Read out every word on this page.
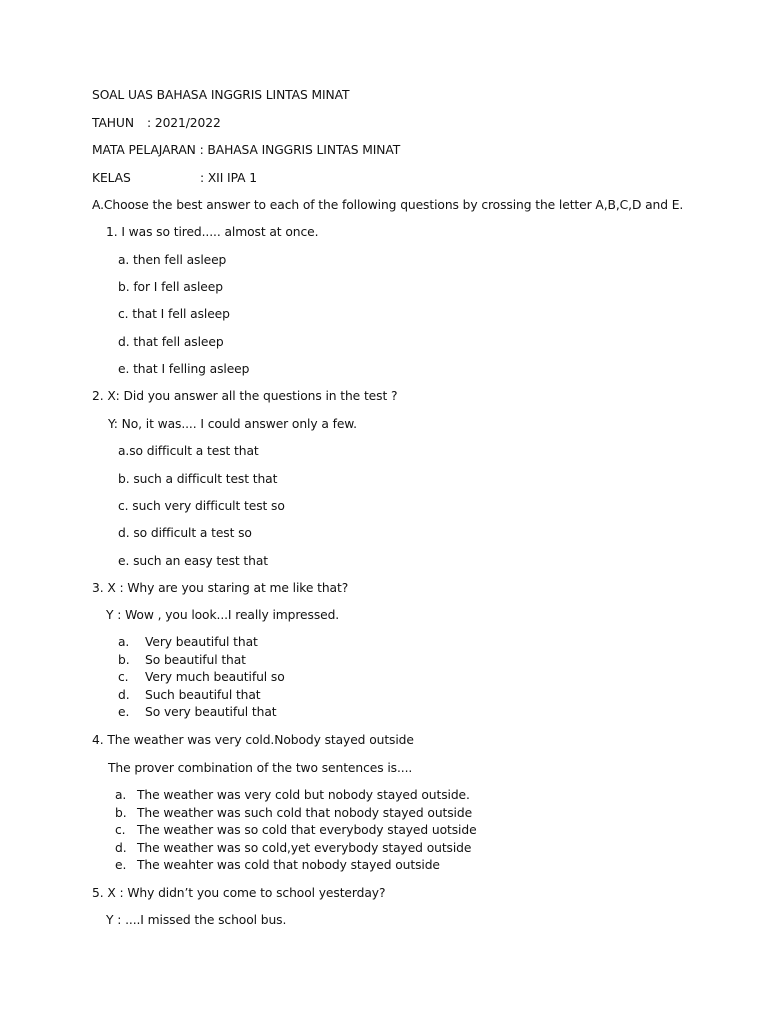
SOAL UAS BAHASA INGGRIS LINTAS MINAT
TAHUN : 2021/2022
MATA PELAJARAN : BAHASA INGGRIS LINTAS MINAT
KELAS	: XII IPA 1
A.Choose the best answer to each of the following questions by crossing the letter A,B,C,D and E.
1. I was so tired..... almost at once.
a. then fell asleep
b. for I fell asleep
c. that I fell asleep
d. that fell asleep
e. that I felling asleep
2. X: Did you answer all the questions in the test ?
Y: No, it was.... I could answer only a few.
a.so difficult a test that
b. such a difficult test that
c. such very difficult test so
d. so difficult a test so
e. such an easy test that
3. X : Why are you staring at me like that?
Y : Wow , you look...I really impressed.
a. Very beautiful that
b. So beautiful that
c. Very much beautiful so
d. Such beautiful that
e. So very beautiful that
4. The weather was very cold.Nobody stayed outside
The prover combination of the two sentences is....
a. The weather was very cold but nobody stayed outside.
b. The weather was such cold that nobody stayed outside
c. The weather was so cold that everybody stayed uotside
d. The weather was so cold,yet everybody stayed outside
e. The weahter was cold that nobody stayed outside
5. X : Why didn’t you come to school yesterday?
Y : ....I missed the school bus.
